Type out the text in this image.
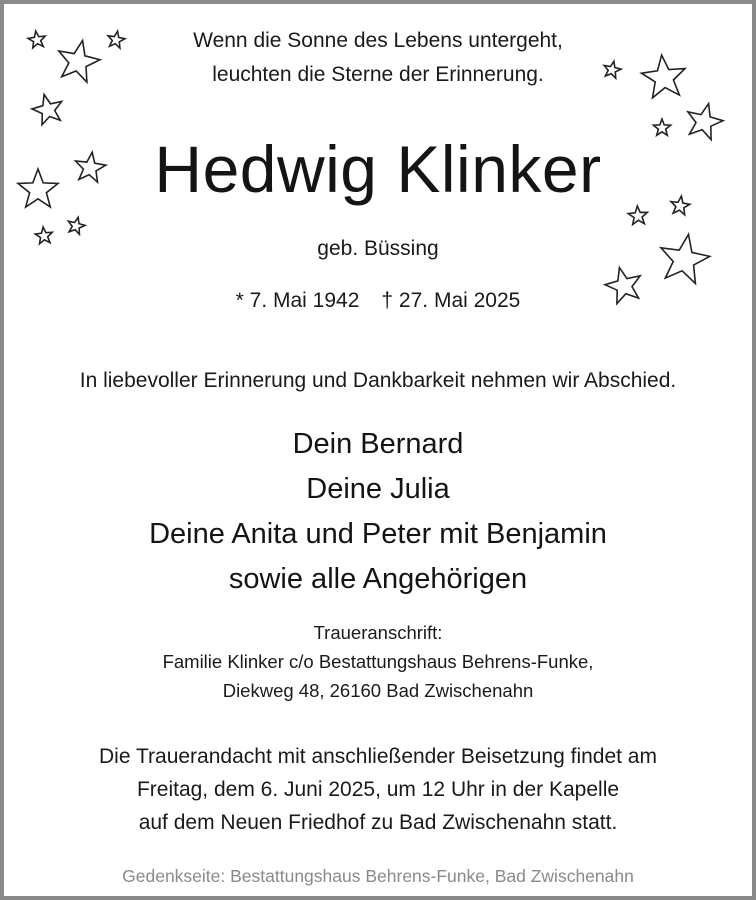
Wenn die Sonne des Lebens untergeht,
leuchten die Sterne der Erinnerung.
Hedwig Klinker
geb. Büssing
* 7. Mai 1942 † 27. Mai 2025
In liebevoller Erinnerung und Dankbarkeit nehmen wir Abschied.
Dein Bernard
Deine Julia
Deine Anita und Peter mit Benjamin
sowie alle Angehörigen
Traueranschrift:
Familie Klinker c/o Bestattungshaus Behrens-Funke,
Diekweg 48, 26160 Bad Zwischenahn
Die Trauerandacht mit anschließender Beisetzung findet am
Freitag, dem 6. Juni 2025, um 12 Uhr in der Kapelle
auf dem Neuen Friedhof zu Bad Zwischenahn statt.
Gedenkseite: Bestattungshaus Behrens-Funke, Bad Zwischenahn
